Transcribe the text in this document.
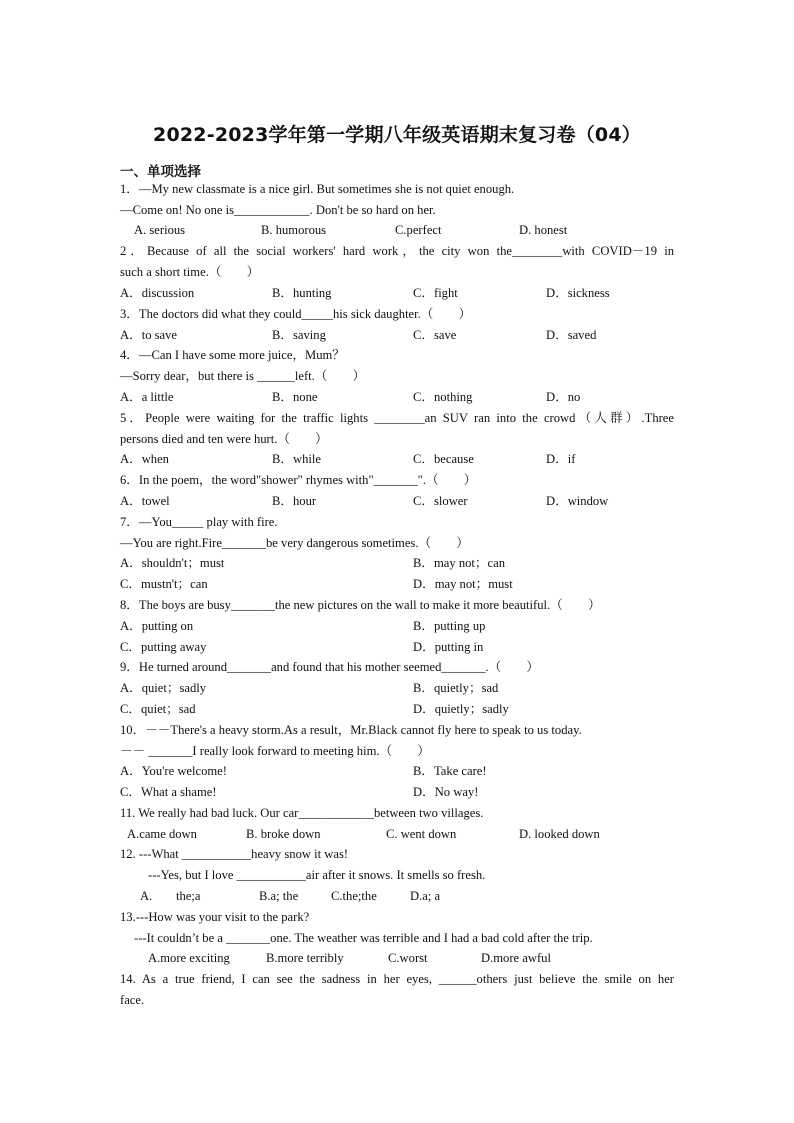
2022-2023学年第一学期八年级英语期末复习卷（04）
一、单项选择
1．—My new classmate is a nice girl. But sometimes she is not quiet enough.
—Come on! No one is____________. Don't be so hard on her.
A. serious	B. humorous	C.perfect	D. honest
2．Because of all the social workers' hard work，the city won the________with COVID－19 in
such a short time.（　　）
A．discussion	B．hunting	C．fight	D．sickness
3．The doctors did what they could_____his sick daughter.（　　）
A．to save	B．saving	C．save	D．saved
4．—Can I have some more juice，Mum？
—Sorry dear，but there is ______left.（　　）
A．a little	B．none	C．nothing	D．no
5．People were waiting for the traffic lights ________an SUV ran into the crowd（人群）.Three
persons died and ten were hurt.（　　）
A．when	B．while	C．because	D．if
6．In the poem，the word"shower" rhymes with"_______".（　　）
A．towel	B．hour	C．slower	D．window
7．—You_____ play with fire.
—You are right.Fire_______be very dangerous sometimes.（　　）
A．shouldn't；must	B．may not；can
C．mustn't；can	D．may not；must
8．The boys are busy_______the new pictures on the wall to make it more beautiful.（　　）
A．putting on	B．putting up
C．putting away	D．putting in
9．He turned around_______and found that his mother seemed_______.（　　）
A．quiet；sadly	B．quietly；sad
C．quiet；sad	D．quietly；sadly
10．－－There's a heavy storm.As a result，Mr.Black cannot fly here to speak to us today.
－－ _______I really look forward to meeting him.（　　）
A．You're welcome!	B．Take care!
C．What a shame!	D．No way!
11. We really had bad luck. Our car____________between two villages.
A.came down	B. broke down	C. went down	D. looked down
12. ---What ___________heavy snow it was!
---Yes, but I love ___________air after it snows. It smells so fresh.
A. the;a	B.a; the	C.the;the	D.a; a
13.---How was your visit to the park?
---It couldn’t be a _______one. The weather was terrible and I had a bad cold after the trip.
A.more exciting	B.more terribly	C.worst	D.more awful
14. As a true friend, I can see the sadness in her eyes, ______others just believe the smile on her
face.
